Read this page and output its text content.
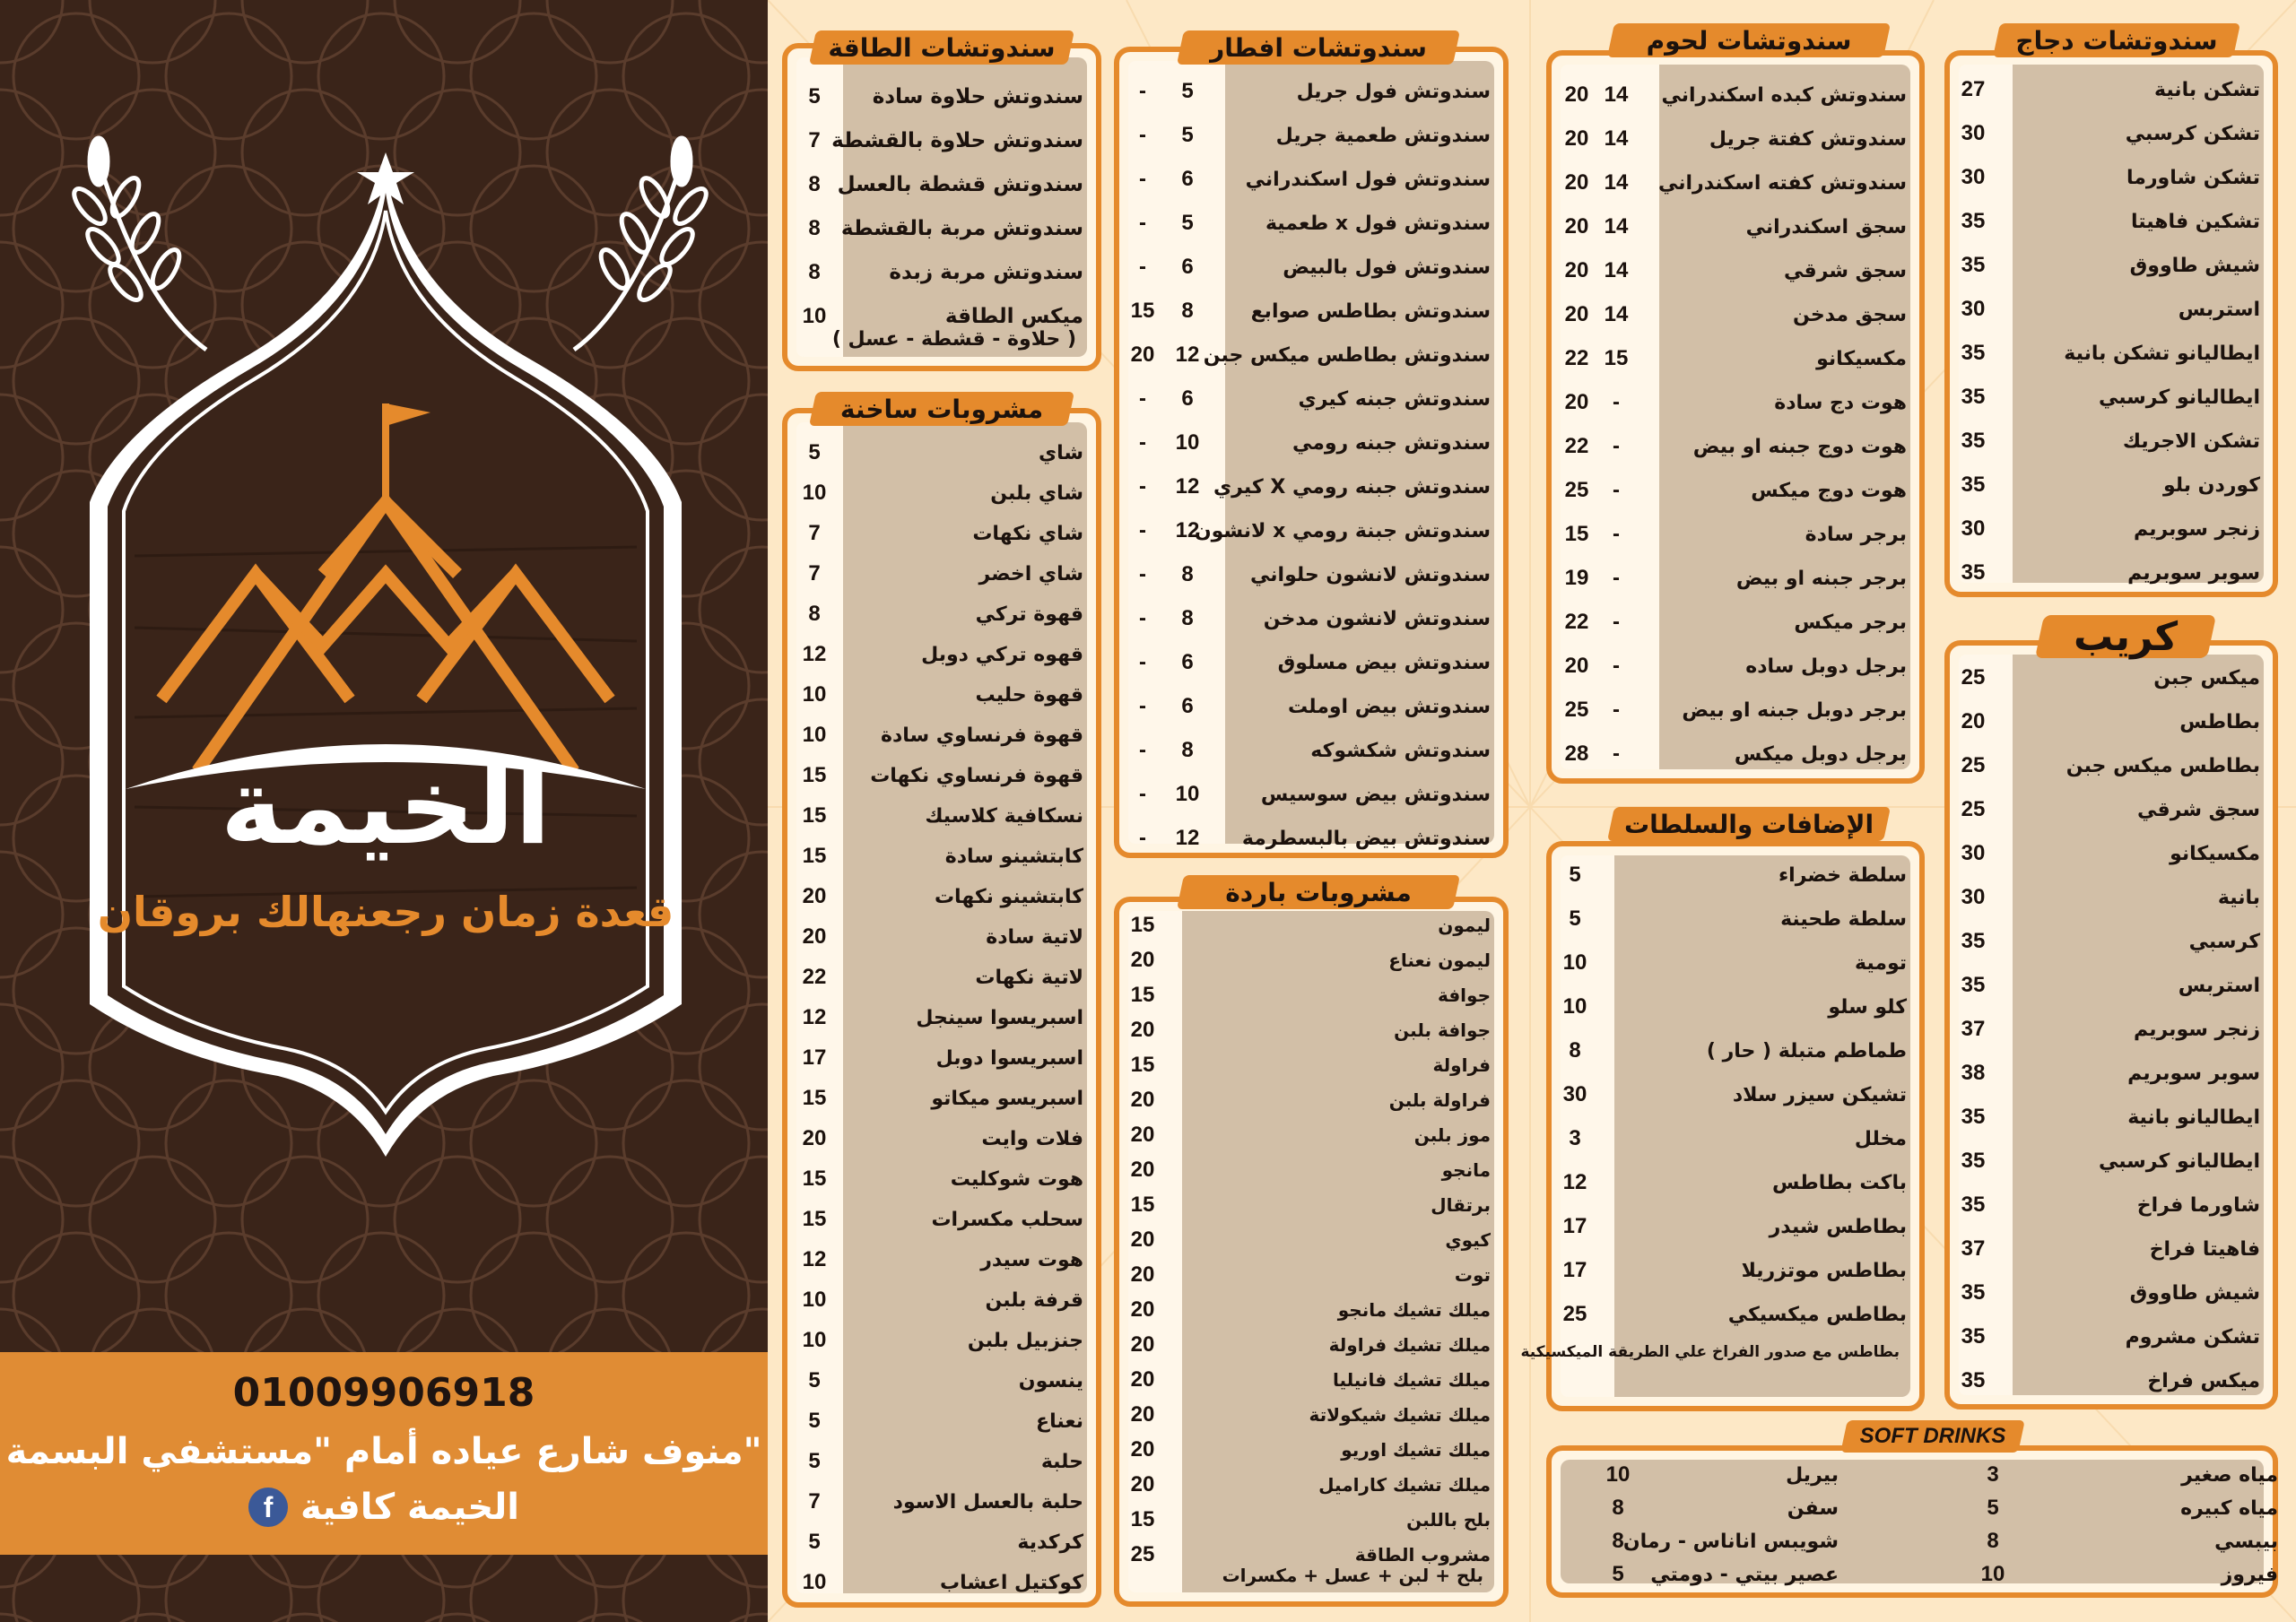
الخيمة
قعدة زمان رجعنهالك بروقان
01009906918
منوف شارع عياده أمام "مستشفي البسمة"
الخيمة كافية
f
سندوتشات الطاقة
سندوتش حلاوة سادة
5
سندوتش حلاوة بالقشطة
7
سندوتش قشطة بالعسل
8
سندوتش مربة بالقشطة
8
سندوتش مربة زبدة
8
ميكس الطاقة
10
( حلاوة - قشطة - عسل )
مشروبات ساخنة
شاي
5
شاي بلبن
10
شاي نكهات
7
شاي اخضر
7
قهوة تركي
8
قهوه تركي دوبل
12
قهوة حليب
10
قهوة فرنساوي سادة
10
قهوة فرنساوي نكهات
15
نسكافية كلاسيك
15
كابتشينو سادة
15
كابتشينو نكهات
20
لاتية سادة
20
لاتية نكهات
22
اسبريسوا سينجل
12
اسبريسوا دوبل
17
اسبريسو ميكاتو
15
فلات وايت
20
هوت شوكليت
15
سحلب مكسرات
15
هوت سيدر
12
قرفة بلبن
10
جنزبيل بلبن
10
ينسون
5
نعناع
5
حلبة
5
حلبة بالعسل الاسود
7
كركدية
5
كوكتيل اعشاب
10
سندوتشات افطار
سندوتش فول جريل
5
-
سندوتش طعمية جريل
5
-
سندوتش فول اسكندراني
6
-
سندوتش فول x طعمية
5
-
سندوتش فول بالبيض
6
-
سندوتش بطاطس صوابع
8
15
سندوتش بطاطس ميكس جبن
12
20
سندوتش جبنه كيري
6
-
سندوتش جبنه رومي
10
-
سندوتش جبنه رومي X كيري
12
-
سندوتش جبنة رومي x لانشون
12
-
سندوتش لانشون حلواني
8
-
سندوتش لانشون مدخن
8
-
سندوتش بيض مسلوق
6
-
سندوتش بيض اوملت
6
-
سندوتش شكشوكه
8
-
سندوتش بيض سوسيس
10
-
سندوتش بيض بالبسطرمة
12
-
مشروبات باردة
ليمون
15
ليمون نعناع
20
جوافة
15
جوافة بلبن
20
فراولة
15
فراولة بلبن
20
موز بلبن
20
مانجو
20
برتقال
15
كيوي
20
توت
20
ميلك تشيك مانجو
20
ميلك تشيك فراولة
20
ميلك تشيك فانيليا
20
ميلك تشيك شيكولاتة
20
ميلك تشيك اوريو
20
ميلك تشيك كاراميل
20
بلح باللبن
15
مشروب الطاقة
25
بلح + لبن + عسل + مكسرات
سندوتشات لحوم
سندوتش كبده اسكندراني
14
20
سندوتش كفتة جريل
14
20
سندوتش كفته اسكندراني
14
20
سجق اسكندراني
14
20
سجق شرقي
14
20
سجق مدخن
14
20
مكسيكانو
15
22
هوت دج سادة
-
20
هوت دوج جبنه او بيض
-
22
هوت دوج ميكس
-
25
برجر سادة
-
15
برجر جبنه او بيض
-
19
برجر ميكس
-
22
برجل دوبل ساده
-
20
برجر دوبل جبنه او بيض
-
25
برجل دوبل ميكس
-
28
الإضافات والسلطات
سلطة خضراء
5
سلطة طحينة
5
تومية
10
كلو سلو
10
طماطم متبلة ( حار )
8
تشيكن سيزر سلاد
30
مخلل
3
باكت بطاطس
12
بطاطس شيدر
17
بطاطس موتزريلا
17
بطاطس ميكسيكي
25
بطاطس مع صدور الفراخ علي الطريقة الميكسيكية
سندوتشات دجاج
تشكن بانية
27
تشكن كرسبي
30
تشكن شاورما
30
تشكين فاهيتا
35
شيش طاووق
35
استربس
30
ايطاليانو تشكن بانية
35
ايطاليانو كرسبي
35
تشكن الاجريك
35
كوردن بلو
35
زنجر سوبريم
30
سوبر سوبريم
35
كريب
ميكس جبن
25
بطاطس
20
بطاطس ميكس جبن
25
سجق شرقي
25
مكسيكانو
30
بانية
30
كرسبي
35
استربس
35
زنجر سوبريم
37
سوبر سوبريم
38
ايطاليانو بانية
35
ايطاليانو كرسبي
35
شاورما فراخ
35
فاهيتا فراخ
37
شيش طاووق
35
تشكن مشروم
35
ميكس فراخ
35
SOFT DRINKS
بيريل
10
سفن
8
شويبس اناناس - رمان
8
عصير بيتي - دومتي
5
مياه صغير
3
مياه كبيره
5
بيبسي
8
فيروز
10
